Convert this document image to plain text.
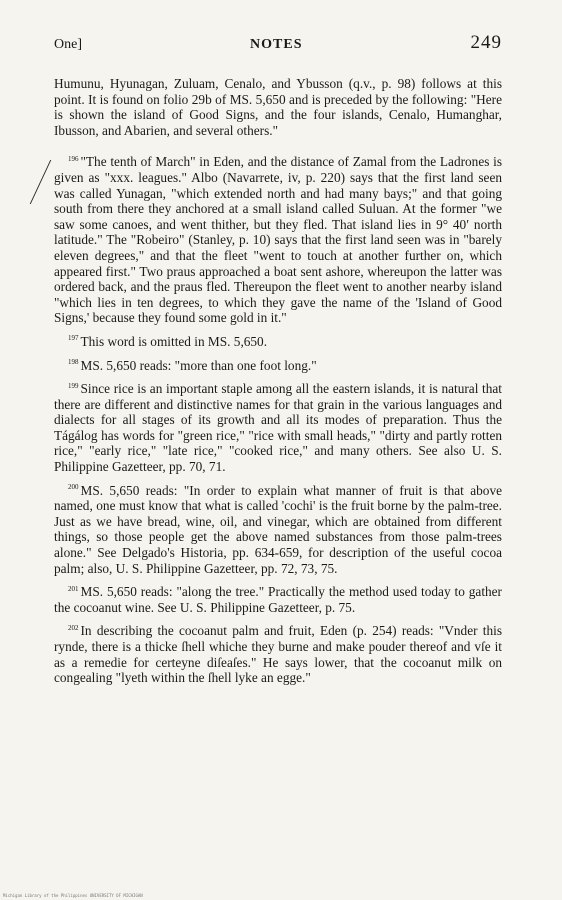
One]	NOTES	249

Humunu, Hyunagan, Zuluam, Cenalo, and Ybusson (q.v., p. 98) follows at this point. It is found on folio 29b of MS. 5,650 and is preceded by the following: "Here is shown the island of Good Signs, and the four islands, Cenalo, Humanghar, Ibusson, and Abarien, and several others."

$^{196}$ "The tenth of March" in Eden, and the distance of Zamal from the Ladrones is given as "xxx. leagues." Albo (Navarrete, iv, p. 220) says that the first land seen was called Yunagan, "which extended north and had many bays;" and that going south from there they anchored at a small island called Suluan. At the former "we saw some canoes, and went thither, but they fled. That island lies in 9° 40′ north latitude." The "Robeiro" (Stanley, p. 10) says that the first land seen was in "barely eleven degrees," and that the fleet "went to touch at another further on, which appeared first." Two praus approached a boat sent ashore, whereupon the latter was ordered back, and the praus fled. Thereupon the fleet went to another nearby island "which lies in ten degrees, to which they gave the name of the 'Island of Good Signs,' because they found some gold in it."

$^{197}$ This word is omitted in MS. 5,650.

$^{198}$ MS. 5,650 reads: "more than one foot long."

$^{199}$ Since rice is an important staple among all the eastern islands, it is natural that there are different and distinctive names for that grain in the various languages and dialects for all stages of its growth and all its modes of preparation. Thus the Tágálog has words for "green rice," "rice with small heads," "dirty and partly rotten rice," "early rice," "late rice," "cooked rice," and many others. See also U. S. Philippine Gazetteer, pp. 70, 71.

$^{200}$ MS. 5,650 reads: "In order to explain what manner of fruit is that above named, one must know that what is called 'cochi' is the fruit borne by the palm-tree. Just as we have bread, wine, oil, and vinegar, which are obtained from different things, so those people get the above named substances from those palm-trees alone." See Delgado's Historia, pp. 634-659, for description of the useful cocoa palm; also, U. S. Philippine Gazetteer, pp. 72, 73, 75.

$^{201}$ MS. 5,650 reads: "along the tree." Practically the method used today to gather the cocoanut wine. See U. S. Philippine Gazetteer, p. 75.

$^{202}$ In describing the cocoanut palm and fruit, Eden (p. 254) reads: "Vnder this rynde, there is a thicke ſhell whiche they burne and make pouder thereof and vſe it as a remedie for certeyne diſeaſes." He says lower, that the cocoanut milk on congealing "lyeth within the ſhell lyke an egge."

Michigan Library of the Philippines UNIVERSITY OF MICHIGAN
